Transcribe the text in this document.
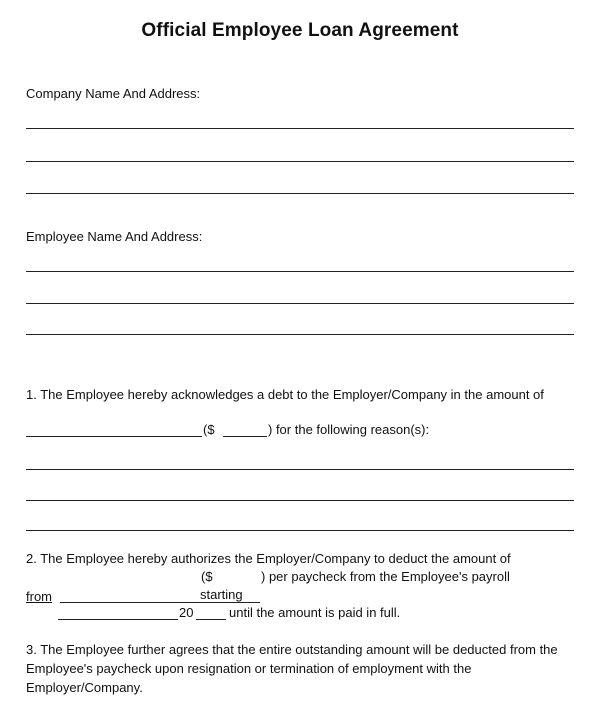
Official Employee Loan Agreement
Company Name And Address:
Employee Name And Address:
1. The Employee hereby acknowledges a debt to the Employer/Company in the amount of
($	) for the following reason(s):
2. The Employee hereby authorizes the Employer/Company to deduct the amount of
($	) per paycheck from the Employee's payroll
starting
from
20	until the amount is paid in full.
3. The Employee further agrees that the entire outstanding amount will be deducted from the Employee's paycheck upon resignation or termination of employment with the Employer/Company.
